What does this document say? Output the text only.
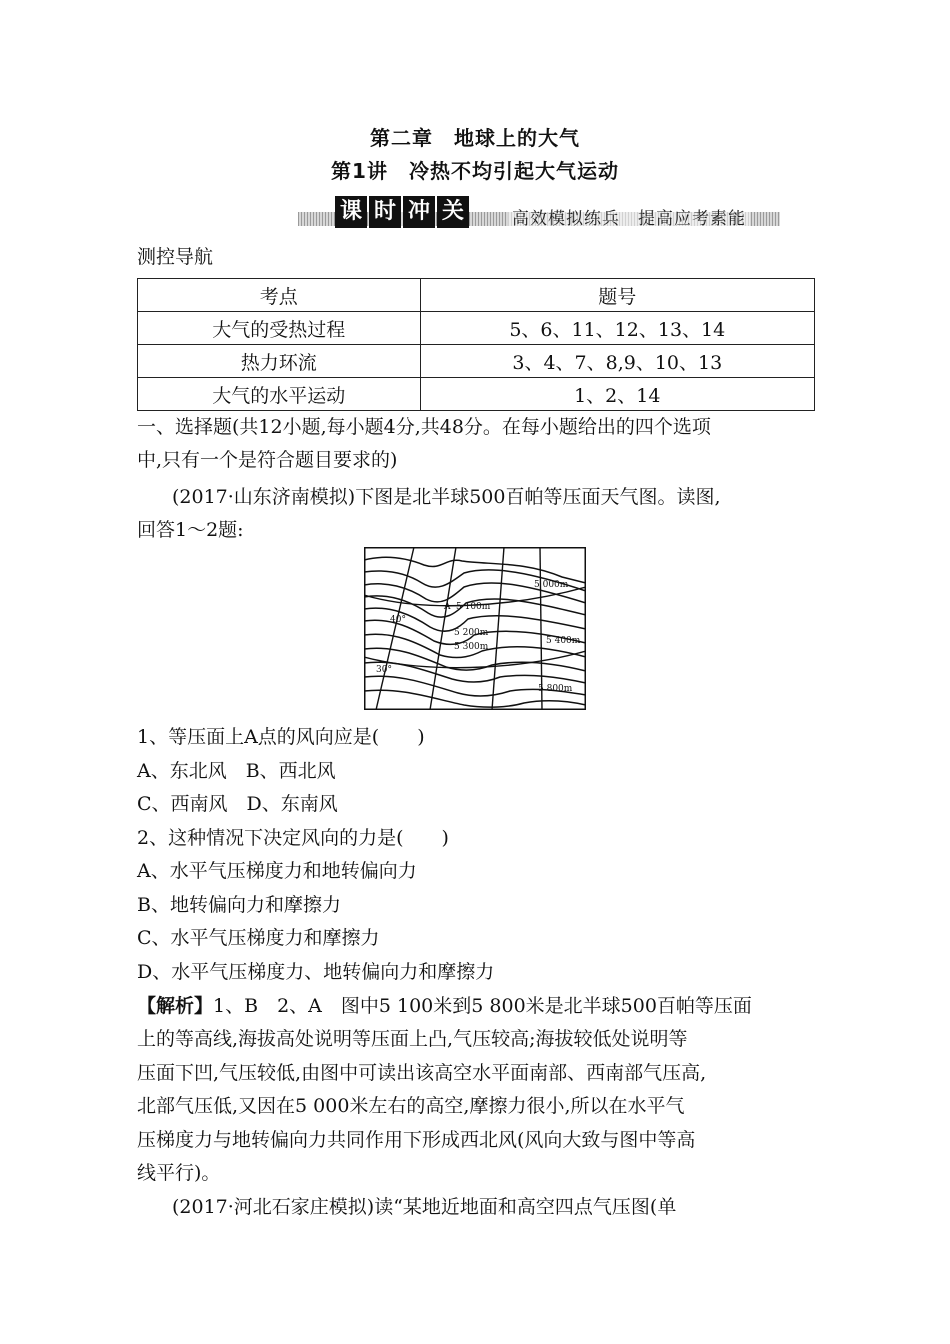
第二章　地球上的大气
第1讲　冷热不均引起大气运动
课 时 冲 关	高效模拟练兵　提高应考素能
测控导航
考点	题号
大气的受热过程	5、6、11、12、13、14
热力环流	3、4、7、8,9、10、13
大气的水平运动	1、2、14
一、选择题(共12小题,每小题4分,共48分。在每小题给出的四个选项
中,只有一个是符合题目要求的)
(2017·山东济南模拟)下图是北半球500百帕等压面天气图。读图,
回答1～2题:
A
5 000m
5 100m
5 200m
5 300m
5 400m
5 800m
40°
30°
1、等压面上A点的风向应是(　　)
A、东北风　B、西北风
C、西南风　D、东南风
2、这种情况下决定风向的力是(　　)
A、水平气压梯度力和地转偏向力
B、地转偏向力和摩擦力
C、水平气压梯度力和摩擦力
D、水平气压梯度力、地转偏向力和摩擦力
【解析】1、B　2、A　图中5 100米到5 800米是北半球500百帕等压面
上的等高线,海拔高处说明等压面上凸,气压较高;海拔较低处说明等
压面下凹,气压较低,由图中可读出该高空水平面南部、西南部气压高,
北部气压低,又因在5 000米左右的高空,摩擦力很小,所以在水平气
压梯度力与地转偏向力共同作用下形成西北风(风向大致与图中等高
线平行)。
(2017·河北石家庄模拟)读“某地近地面和高空四点气压图(单
